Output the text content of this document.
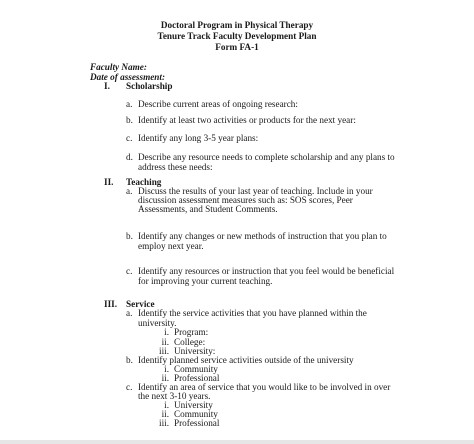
Doctoral Program in Physical Therapy
Tenure Track Faculty Development Plan
Form FA-1
Faculty Name:
Date of assessment:
I. Scholarship
a. Describe current areas of ongoing research:
b. Identify at least two activities or products for the next year:
c. Identify any long 3-5 year plans:
d. Describe any resource needs to complete scholarship and any plans to
address these needs:
II. Teaching
a. Discuss the results of your last year of teaching. Include in your
discussion assessment measures such as: SOS scores, Peer
Assessments, and Student Comments.
b. Identify any changes or new methods of instruction that you plan to
employ next year.
c. Identify any resources or instruction that you feel would be beneficial
for improving your current teaching.
III. Service
a. Identify the service activities that you have planned within the
university.
i. Program:
ii. College:
iii. University:
b. Identify planned service activities outside of the university
i. Community
ii. Professional
c. Identify an area of service that you would like to be involved in over
the next 3-10 years.
i. University
ii. Community
iii. Professional
